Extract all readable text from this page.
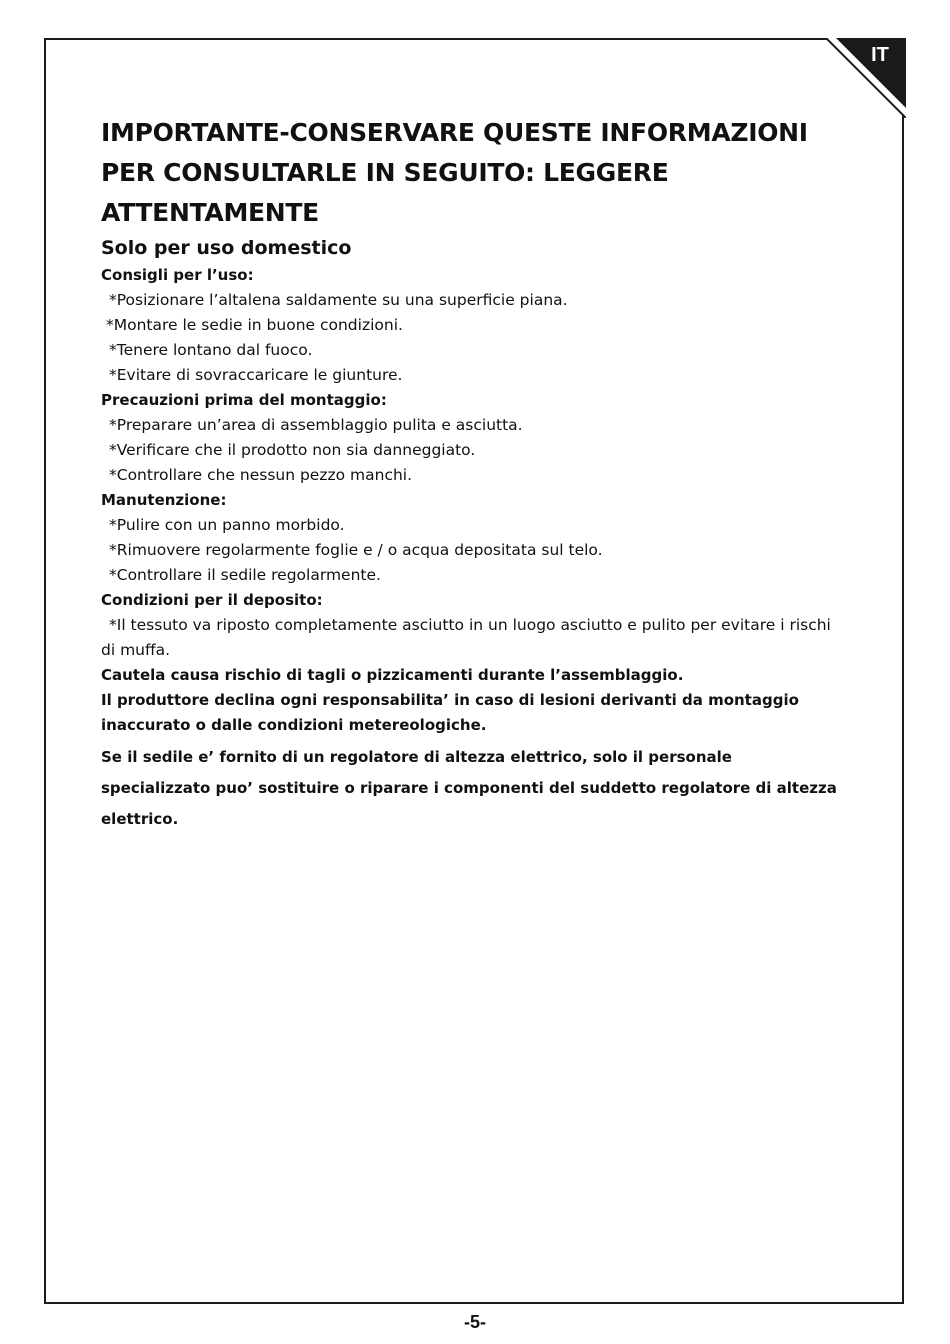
IT
IMPORTANTE-CONSERVARE QUESTE INFORMAZIONI PER CONSULTARLE IN SEGUITO: LEGGERE ATTENTAMENTE
Solo per uso domestico

Consigli per l’uso:

*Posizionare l’altalena saldamente su una superficie piana.

*Montare le sedie in buone condizioni.

*Tenere lontano dal fuoco.

*Evitare di sovraccaricare le giunture.

Precauzioni prima del montaggio:

*Preparare un’area di assemblaggio pulita e asciutta.

*Verificare che il prodotto non sia danneggiato.

*Controllare che nessun pezzo manchi.

Manutenzione:

*Pulire con un panno morbido.

*Rimuovere regolarmente foglie e / o acqua depositata sul telo.

*Controllare il sedile regolarmente.

Condizioni per il deposito:

*Il tessuto va riposto completamente asciutto in un luogo asciutto e pulito per evitare i rischi di muffa.

Cautela causa rischio di tagli o pizzicamenti durante l’assemblaggio.

Il produttore declina ogni responsabilita’ in caso di lesioni derivanti da montaggio inaccurato o dalle condizioni metereologiche.

Se il sedile e’ fornito di un regolatore di altezza elettrico, solo il personale specializzato puo’ sostituire o riparare i componenti del suddetto regolatore di altezza elettrico.

-5-
